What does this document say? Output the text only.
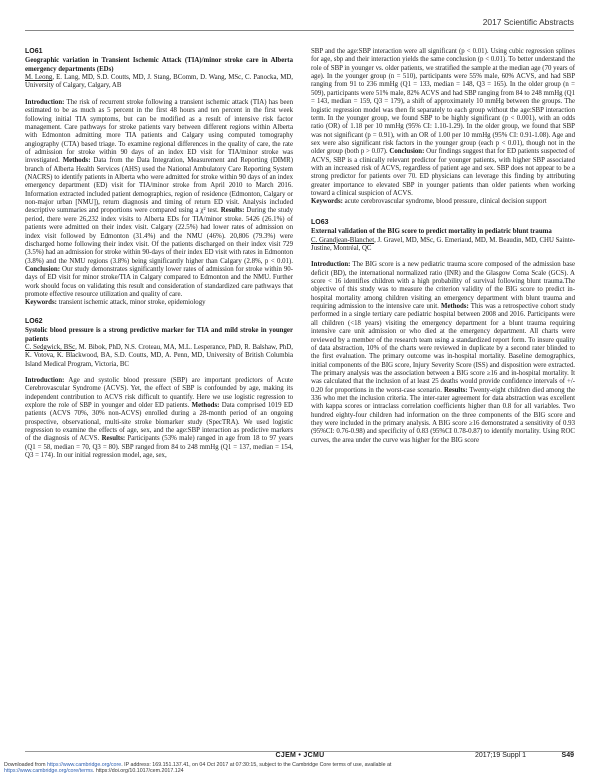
2017 Scientific Abstracts
LO61
Geographic variation in Transient Ischemic Attack (TIA)/minor stroke care in Alberta emergency departments (EDs)
M. Leong, E. Lang, MD, S.D. Coutts, MD, J. Stang, BComm, D. Wang, MSc, C. Panocka, MD, University of Calgary, Calgary, AB
Introduction: The risk of recurrent stroke following a transient ischemic attack (TIA) has been estimated to be as much as 5 percent in the first 48 hours and ten percent in the first week following initial TIA symptoms, but can be modified as a result of intensive risk factor management. Care pathways for stroke patients vary between different regions within Alberta with Edmonton admitting more TIA patients and Calgary using computed tomography angiography (CTA) based triage. To examine regional differences in the quality of care, the rate of admission for stroke within 90 days of an index ED visit for TIA/minor stroke was investigated. Methods: Data from the Data Integration, Measurement and Reporting (DIMR) branch of Alberta Health Services (AHS) used the National Ambulatory Care Reporting System (NACRS) to identify patients in Alberta who were admitted for stroke within 90 days of an index emergency department (ED) visit for TIA/minor stroke from April 2010 to March 2016. Information extracted included patient demographics, region of residence (Edmonton, Calgary or non-major urban [NMU]), return diagnosis and timing of return ED visit. Analysis included descriptive summaries and proportions were compared using a χ² test. Results: During the study period, there were 26,232 index visits to Alberta EDs for TIA/minor stroke. 5426 (26.1%) of patients were admitted on their index visit. Calgary (22.5%) had lower rates of admission on index visit followed by Edmonton (31.4%) and the NMU (46%). 20,806 (79.3%) were discharged home following their index visit. Of the patients discharged on their index visit 729 (3.5%) had an admission for stroke within 90-days of their index ED visit with rates in Edmonton (3.8%) and the NMU regions (3.8%) being significantly higher than Calgary (2.8%, p < 0.01). Conclusion: Our study demonstrates significantly lower rates of admission for stroke within 90-days of ED visit for minor stroke/TIA in Calgary compared to Edmonton and the NMU. Further work should focus on validating this result and consideration of standardized care pathways that promote effective resource utilization and quality of care.
Keywords: transient ischemic attack, minor stroke, epidemiology
LO62
Systolic blood pressure is a strong predictive marker for TIA and mild stroke in younger patients
C. Sedgwick, BSc, M. Bibok, PhD, N.S. Croteau, MA, M.L. Lesperance, PhD, R. Balshaw, PhD, K. Votova, K. Blackwood, BA, S.D. Coutts, MD, A. Penn, MD, University of British Columbia Island Medical Program, Victoria, BC
Introduction: Age and systolic blood pressure (SBP) are important predictors of Acute Cerebrovascular Syndrome (ACVS). Yet, the effect of SBP is confounded by age, making its independent contribution to ACVS risk difficult to quantify. Here we use logistic regression to explore the role of SBP in younger and older ED patients. Methods: Data comprised 1019 ED patients (ACVS 70%, 30% non-ACVS) enrolled during a 28-month period of an ongoing prospective, observational, multi-site stroke biomarker study (SpecTRA). We used logistic regression to examine the effects of age, sex, and the age:SBP interaction as predictive markers of the diagnosis of ACVS. Results: Participants (53% male) ranged in age from 18 to 97 years (Q1 = 58, median = 70, Q3 = 80). SBP ranged from 84 to 248 mmHg (Q1 = 137, median = 154, Q3 = 174). In our initial regression model, age, sex,
SBP and the age:SBP interaction were all significant (p < 0.01). Using cubic regression splines for age, sbp and their interaction yields the same conclusion (p < 0.01). To better understand the role of SBP in younger vs. older patients, we stratified the sample at the median age (70 years of age). In the younger group (n = 510), participants were 55% male, 60% ACVS, and had SBP ranging from 91 to 236 mmHg (Q1 = 133, median = 148, Q3 = 165). In the older group (n = 509), participants were 51% male, 82% ACVS and had SBP ranging from 84 to 248 mmHg (Q1 = 143, median = 159, Q3 = 179), a shift of approximately 10 mmHg between the groups. The logistic regression model was then fit separately to each group without the age:SBP interaction term. In the younger group, we found SBP to be highly significant (p < 0.001), with an odds ratio (OR) of 1.18 per 10 mmHg (95% CI: 1.10-1.29). In the older group, we found that SBP was not significant (p = 0.91), with an OR of 1.00 per 10 mmHg (95% CI: 0.91-1.08). Age and sex were also significant risk factors in the younger group (each p < 0.01), though not in the older group (both p > 0.07). Conclusion: Our findings suggest that for ED patients suspected of ACVS, SBP is a clinically relevant predictor for younger patients, with higher SBP associated with an increased risk of ACVS, regardless of patient age and sex. SBP does not appear to be a strong predictor for patients over 70. ED physicians can leverage this finding by attributing greater importance to elevated SBP in younger patients than older patients when working toward a clinical suspicion of ACVS.
Keywords: acute cerebrovascular syndrome, blood pressure, clinical decision support
LO63
External validation of the BIG score to predict mortality in pediatric blunt trauma
C. Grandjean-Blanchet, J. Gravel, MD, MSc, G. Emeriaud, MD, M. Beaudin, MD, CHU Sainte-Justine, Montréal, QC
Introduction: The BIG score is a new pediatric trauma score composed of the admission base deficit (BD), the international normalized ratio (INR) and the Glasgow Coma Scale (GCS). A score < 16 identifies children with a high probability of survival following blunt trauma.The objective of this study was to measure the criterion validity of the BIG score to predict in-hospital mortality among children visiting an emergency department with blunt trauma and requiring admission to the intensive care unit. Methods: This was a retrospective cohort study performed in a single tertiary care pediatric hospital between 2008 and 2016. Participants were all children (<18 years) visiting the emergency department for a blunt trauma requiring intensive care unit admission or who died at the emergency department. All charts were reviewed by a member of the research team using a standardized report form. To insure quality of data abstraction, 10% of the charts were reviewed in duplicate by a second rater blinded to the first evaluation. The primary outcome was in-hospital mortality. Baseline demographics, initial components of the BIG score, Injury Severity Score (ISS) and disposition were extracted. The primary analysis was the association between a BIG score ≥16 and in-hospital mortality. It was calculated that the inclusion of at least 25 deaths would provide confidence intervals of +/- 0.20 for proportions in the worst-case scenario. Results: Twenty-eight children died among the 336 who met the inclusion criteria. The inter-rater agreement for data abstraction was excellent with kappa scores or intraclass correlation coefficients higher than 0.8 for all variables. Two hundred eighty-four children had information on the three components of the BIG score and they were included in the primary analysis. A BIG score ≥16 demonstrated a sensitivity of 0.93 (95%CI: 0.76-0.98) and specificity of 0.83 (95%CI 0.78-0.87) to identify mortality. Using ROC curves, the area under the curve was higher for the BIG score
CJEM • JCMU	2017;19 Suppl 1	S49
Downloaded from https://www.cambridge.org/core. IP address: 169.151.137.41, on 04 Oct 2017 at 07:30:15, subject to the Cambridge Core terms of use, available at
https://www.cambridge.org/core/terms. https://doi.org/10.1017/cem.2017.124
